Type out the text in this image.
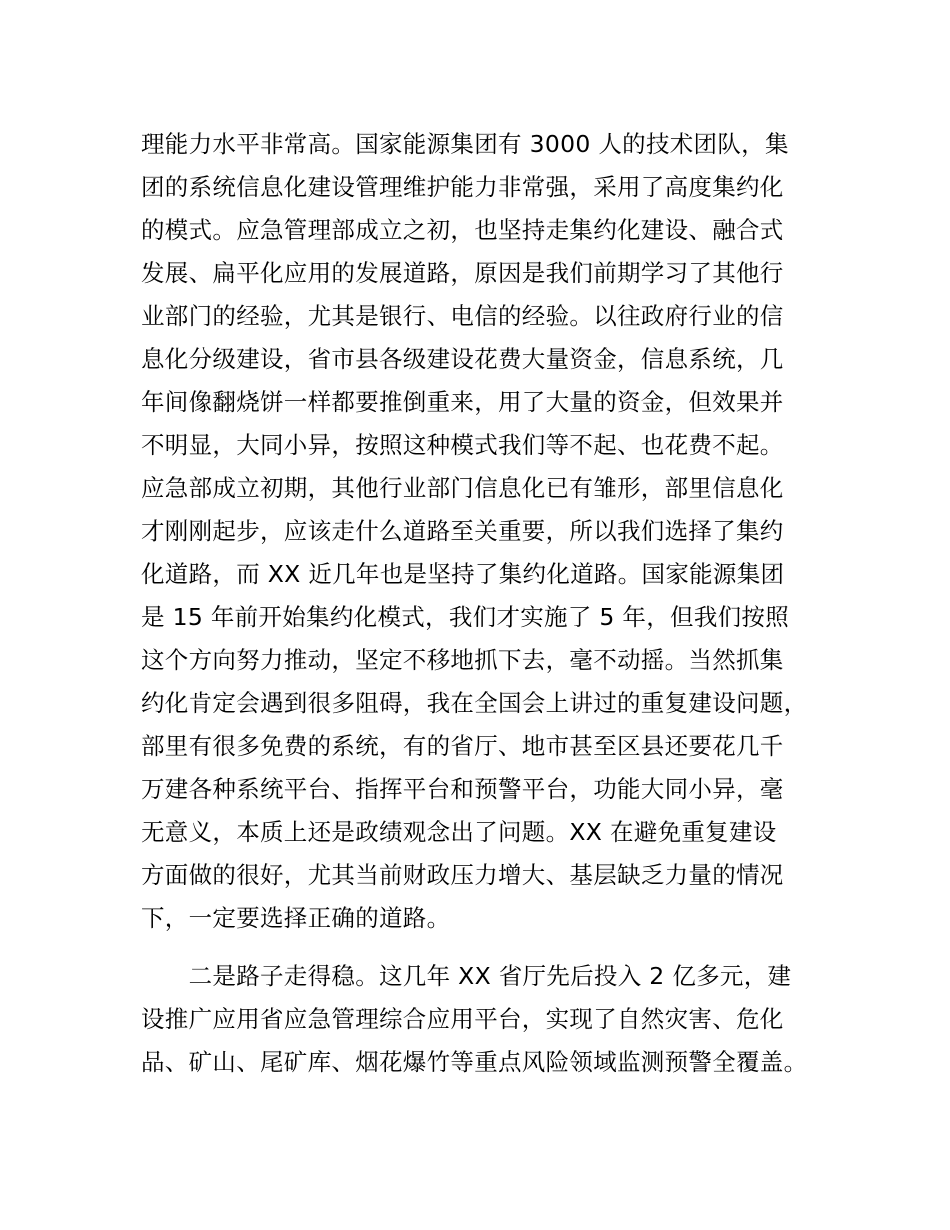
理能力水平非常高。国家能源集团有 3000 人的技术团队，集
团的系统信息化建设管理维护能力非常强，采用了高度集约化
的模式。应急管理部成立之初，也坚持走集约化建设、融合式
发展、扁平化应用的发展道路，原因是我们前期学习了其他行
业部门的经验，尤其是银行、电信的经验。以往政府行业的信
息化分级建设，省市县各级建设花费大量资金，信息系统，几
年间像翻烧饼一样都要推倒重来，用了大量的资金，但效果并
不明显，大同小异，按照这种模式我们等不起、也花费不起。
应急部成立初期，其他行业部门信息化已有雏形，部里信息化
才刚刚起步，应该走什么道路至关重要，所以我们选择了集约
化道路，而 XX 近几年也是坚持了集约化道路。国家能源集团
是 15 年前开始集约化模式，我们才实施了 5 年，但我们按照
这个方向努力推动，坚定不移地抓下去，毫不动摇。当然抓集
约化肯定会遇到很多阻碍，我在全国会上讲过的重复建设问题，
部里有很多免费的系统，有的省厅、地市甚至区县还要花几千
万建各种系统平台、指挥平台和预警平台，功能大同小异，毫
无意义，本质上还是政绩观念出了问题。XX 在避免重复建设
方面做的很好，尤其当前财政压力增大、基层缺乏力量的情况
下，一定要选择正确的道路。
　　二是路子走得稳。这几年 XX 省厅先后投入 2 亿多元，建
设推广应用省应急管理综合应用平台，实现了自然灾害、危化
品、矿山、尾矿库、烟花爆竹等重点风险领域监测预警全覆盖。
